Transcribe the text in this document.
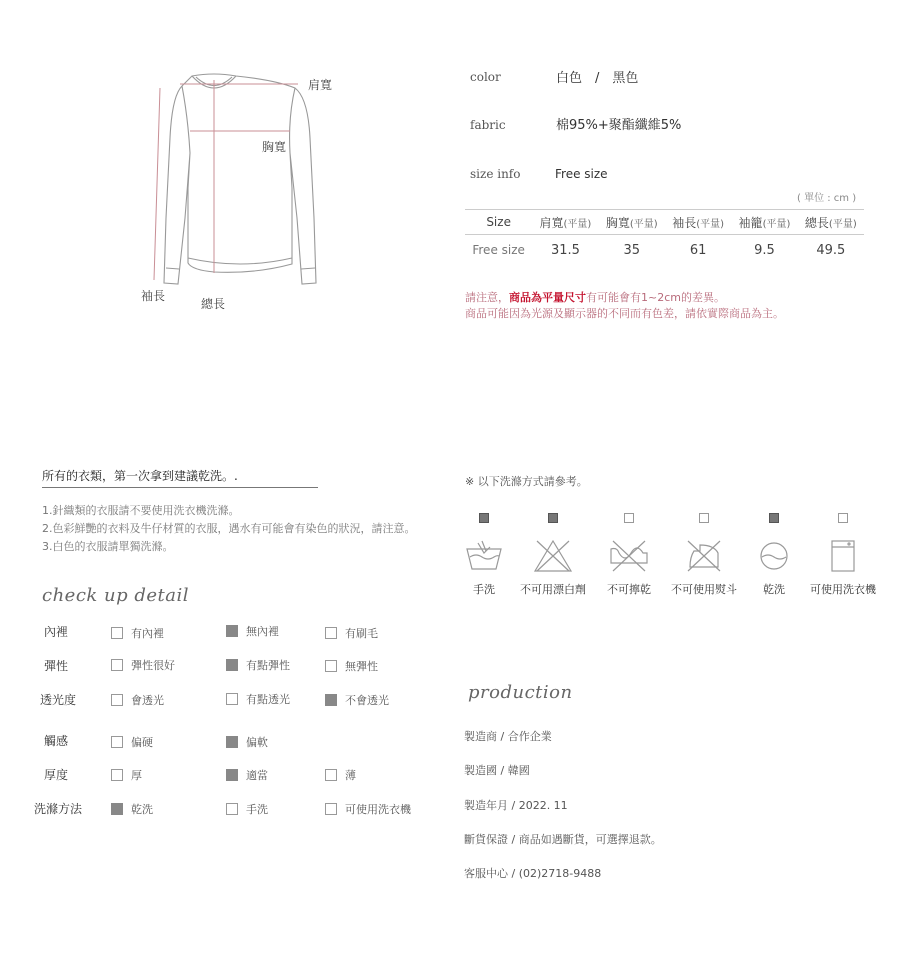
肩寬
胸寬
袖長
總長
color	白色　/　黑色
fabric	棉95%+聚酯纖維5%
size info	Free size
( 單位 : cm )
Size	肩寬(平量)	胸寬(平量)	袖長(平量)	袖籠(平量)	總長(平量)
Free size	31.5	35	61	9.5	49.5
請注意，商品為平量尺寸有可能會有1~2cm的差異。
商品可能因為光源及顯示器的不同而有色差，請依實際商品為主。
所有的衣類，第一次拿到建議乾洗。.
1.針織類的衣服請不要使用洗衣機洗滌。
2.色彩鮮艷的衣料及牛仔材質的衣服，遇水有可能會有染色的狀況，請注意。
3.白色的衣服請單獨洗滌。
check up detail
內裡	有內裡	無內裡	有刷毛
彈性	彈性很好	有點彈性	無彈性
透光度	會透光	有點透光	不會透光
觸感	偏硬	偏軟
厚度	厚	適當	薄
洗滌方法	乾洗	手洗	可使用洗衣機
※ 以下洗滌方式請參考。
手洗	不可用漂白劑	不可擰乾	不可使用熨斗	乾洗	可使用洗衣機
production
製造商 / 合作企業
製造國 / 韓國
製造年月 / 2022. 11
斷貨保證 / 商品如遇斷貨，可選擇退款。
客服中心 / (02)2718-9488
